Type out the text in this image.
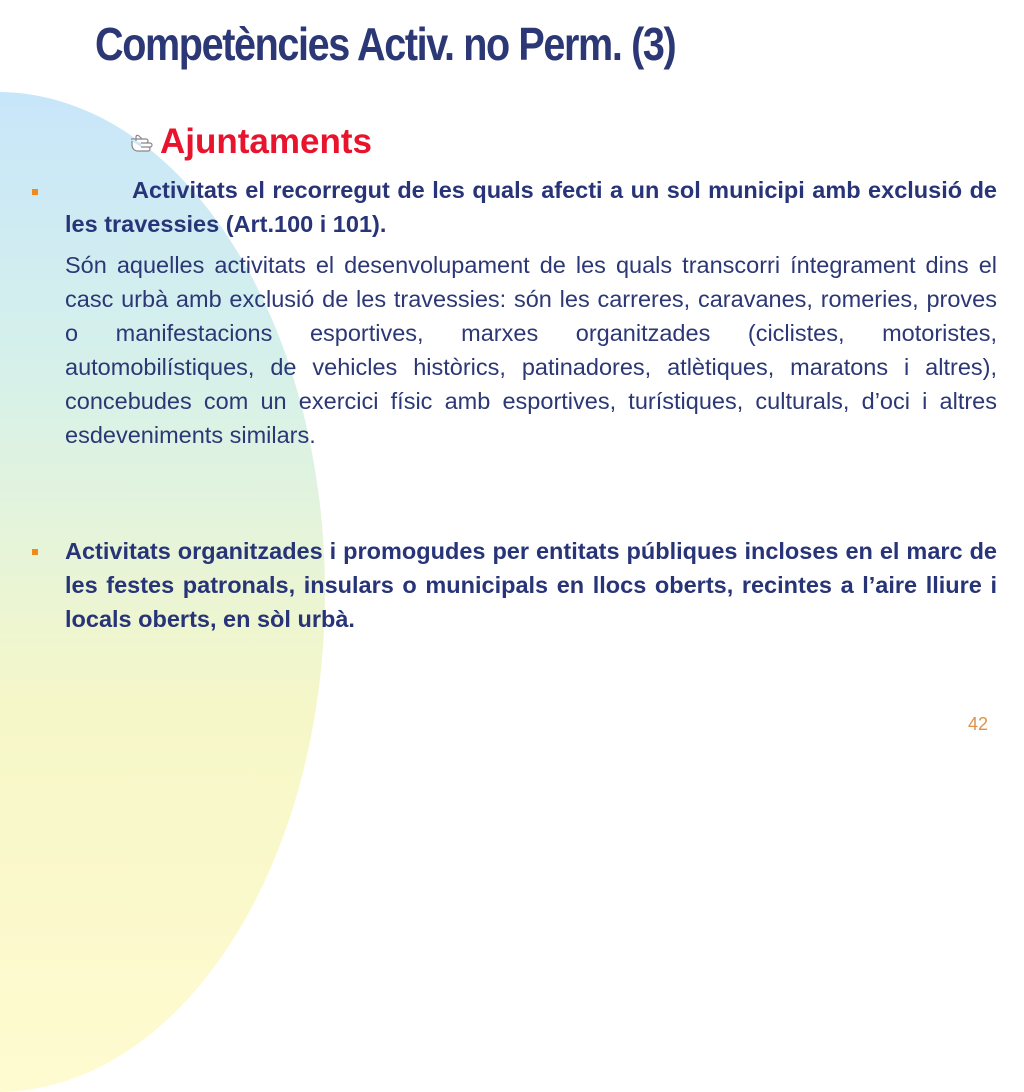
Competències Activ. no Perm. (3)
Ajuntaments

Activitats el recorregut de les quals afecti a un sol municipi amb exclusió de les travessies (Art.100 i 101).

Són aquelles activitats el desenvolupament de les quals transcorri íntegrament dins el casc urbà amb exclusió de les travessies: són les carreres, caravanes, romeries, proves o manifestacions esportives, marxes organitzades (ciclistes, motoristes, automobilístiques, de vehicles històrics, patinadores, atlètiques, maratons i altres), concebudes com un exercici físic amb esportives, turístiques, culturals, d’oci i altres esdeveniments similars.

Activitats organitzades i promogudes per entitats públiques incloses en el marc de les festes patronals, insulars o municipals en llocs oberts, recintes a l’aire lliure i locals oberts, en sòl urbà.

42
